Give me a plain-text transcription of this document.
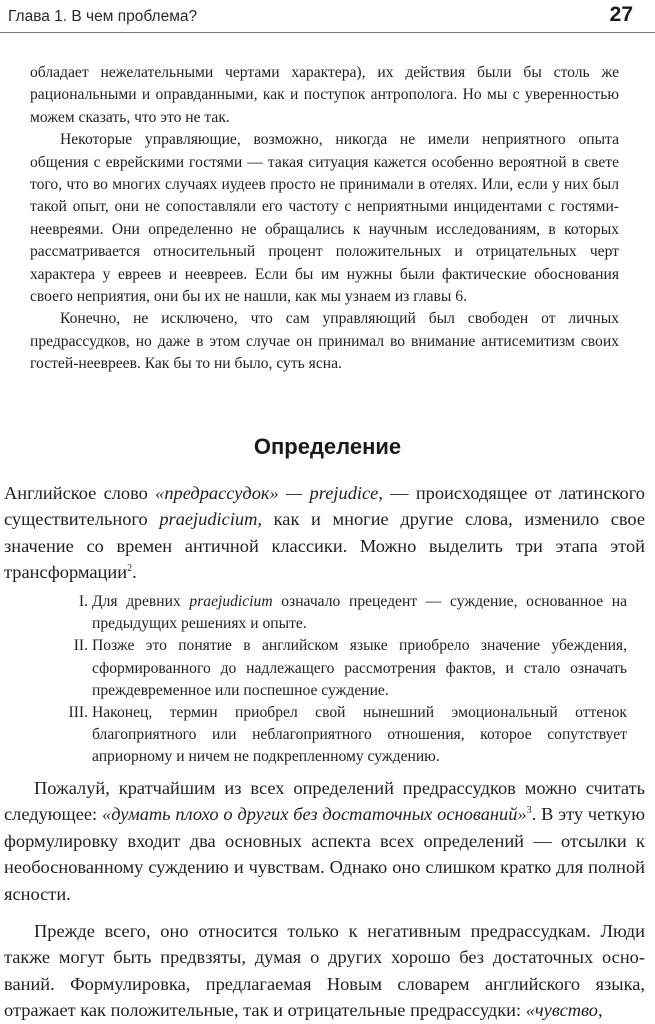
Глава 1. В чем проблема?	27

обладает нежелательными чертами характера), их действия были бы столь же рациональными и оправданными, как и поступок антрополога. Но мы с уверенностью можем сказать, что это не так.

Некоторые управляющие, возможно, никогда не имели неприятного опыта общения с еврейскими гостями — такая ситуация кажется особенно вероятной в свете того, что во многих случаях иудеев просто не принимали в отелях. Или, если у них был такой опыт, они не сопоставляли его частоту с неприятными инцидентами с гостями-неевреями. Они определенно не обращались к научным исследованиям, в которых рассматривается относительный процент положительных и отрицательных черт характера у евреев и неевреев. Если бы им нужны были фактические обоснования своего неприятия, они бы их не нашли, как мы узнаем из главы 6.

Конечно, не исключено, что сам управляющий был свободен от личных предрассудков, но даже в этом случае он принимал во внимание антисемитизм своих гостей-неевреев. Как бы то ни было, суть ясна.

Определение

Английское слово «предрассудок» — prejudice, — происходящее от латинского существительного praejudicium, как и многие другие слова, изменило свое значение со времен античной классики. Можно выделить три этапа этой трансформации$^2$.

I. Для древних praejudicium означало прецедент — суждение, основанное на предыдущих решениях и опыте.
II. Позже это понятие в английском языке приобрело значение убеждения, сформированного до надлежащего рассмотрения фактов, и стало означать преждевременное или поспешное суждение.
III. Наконец, термин приобрел свой нынешний эмоциональный оттенок благоприятного или неблагоприятного отношения, которое сопутствует априорному и ничем не подкрепленному суждению.

Пожалуй, кратчайшим из всех определений предрассудков можно считать следующее: «думать плохо о других без достаточных оснований»$^3$. В эту четкую формулировку входит два основных аспекта всех определений — отсылки к необоснованному суждению и чувствам. Однако оно слишком кратко для полной ясности.

Прежде всего, оно относится только к негативным предрассудкам. Люди также могут быть предвзяты, думая о других хорошо без достаточных оснований. Формулировка, предлагаемая Новым словарем английского языка, отражает как положительные, так и отрицательные предрассудки: «чувство,
